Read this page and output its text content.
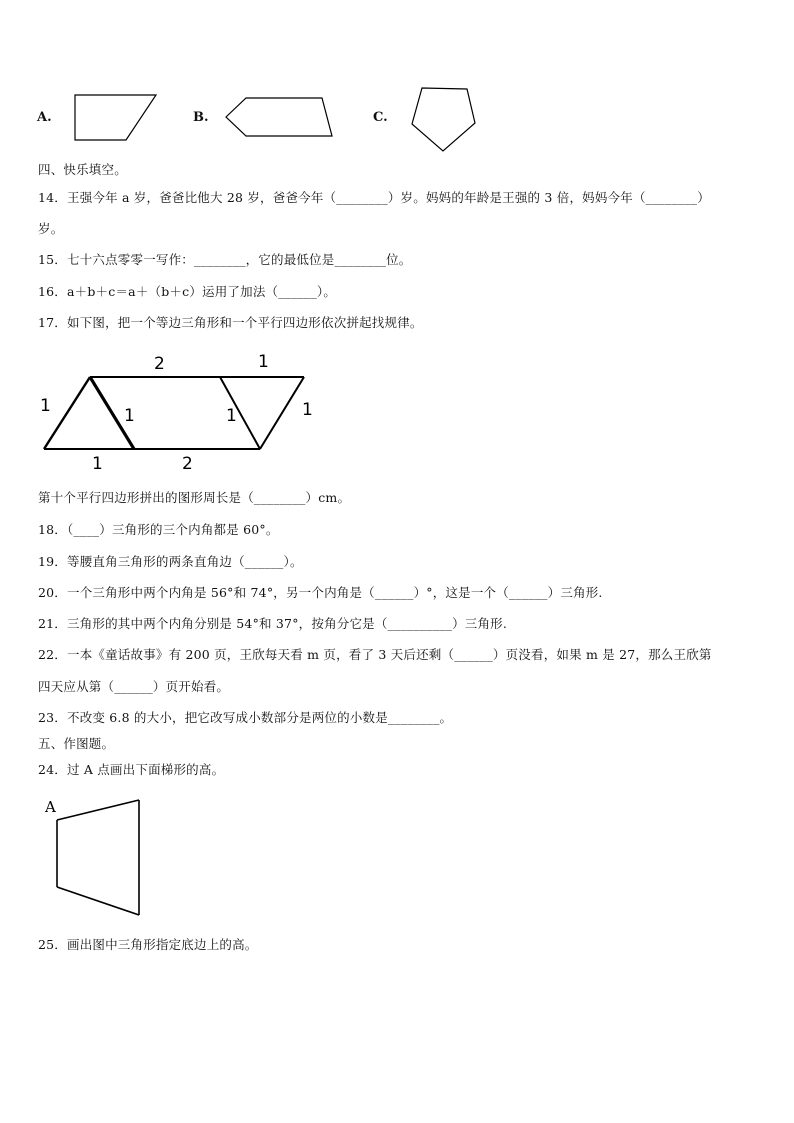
A.	B.	C.
四、快乐填空。
14．王强今年 a 岁，爸爸比他大 28 岁，爸爸今年（________）岁。妈妈的年龄是王强的 3 倍，妈妈今年（________）
岁。
15．七十六点零零一写作：________，它的最低位是________位。
16．a＋b＋c＝a＋（b＋c）运用了加法（______）。
17．如下图，把一个等边三角形和一个平行四边形依次拼起找规律。
2	1
1	1	1	1
1	2
第十个平行四边形拼出的图形周长是（________）cm。
18．（____）三角形的三个内角都是 60°。
19．等腰直角三角形的两条直角边（______）。
20．一个三角形中两个内角是 56°和 74°，另一个内角是（______）°，这是一个（______）三角形.
21．三角形的其中两个内角分别是 54°和 37°，按角分它是（__________）三角形.
22．一本《童话故事》有 200 页，王欣每天看 m 页，看了 3 天后还剩（______）页没看，如果 m 是 27，那么王欣第
四天应从第（______）页开始看。
23．不改变 6.8 的大小，把它改写成小数部分是两位的小数是________。
五、作图题。
24．过 A 点画出下面梯形的高。
A
25．画出图中三角形指定底边上的高。
